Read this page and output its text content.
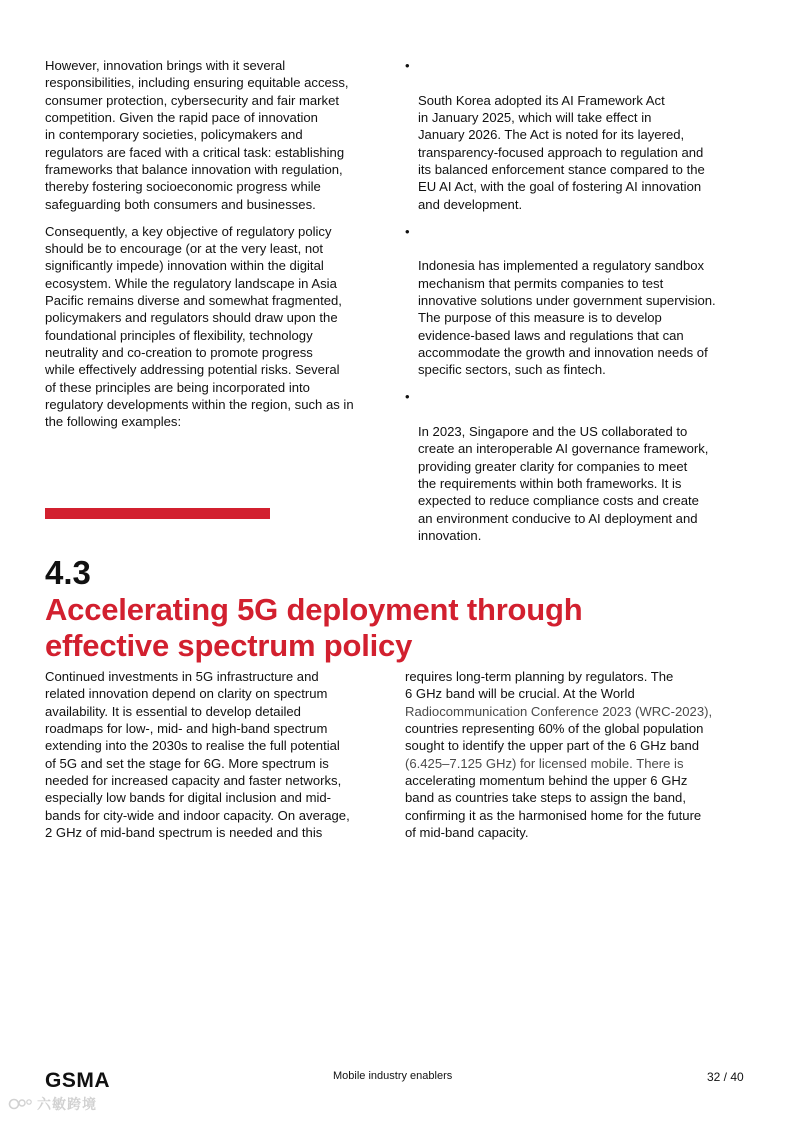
However, innovation brings with it several
responsibilities, including ensuring equitable access,
consumer protection, cybersecurity and fair market
competition. Given the rapid pace of innovation
in contemporary societies, policymakers and
regulators are faced with a critical task: establishing
frameworks that balance innovation with regulation,
thereby fostering socioeconomic progress while
safeguarding both consumers and businesses.

Consequently, a key objective of regulatory policy
should be to encourage (or at the very least, not
significantly impede) innovation within the digital
ecosystem. While the regulatory landscape in Asia
Pacific remains diverse and somewhat fragmented,
policymakers and regulators should draw upon the
foundational principles of flexibility, technology
neutrality and co-creation to promote progress
while effectively addressing potential risks. Several
of these principles are being incorporated into
regulatory developments within the region, such as in
the following examples:

•

South Korea adopted its AI Framework Act
in January 2025, which will take effect in
January 2026. The Act is noted for its layered,
transparency-focused approach to regulation and
its balanced enforcement stance compared to the
EU AI Act, with the goal of fostering AI innovation
and development.

•

Indonesia has implemented a regulatory sandbox
mechanism that permits companies to test
innovative solutions under government supervision.
The purpose of this measure is to develop
evidence-based laws and regulations that can
accommodate the growth and innovation needs of
specific sectors, such as fintech.

•

In 2023, Singapore and the US collaborated to
create an interoperable AI governance framework,
providing greater clarity for companies to meet
the requirements within both frameworks. It is
expected to reduce compliance costs and create
an environment conducive to AI deployment and
innovation.

4.3
Accelerating 5G deployment through
effective spectrum policy

Continued investments in 5G infrastructure and
related innovation depend on clarity on spectrum
availability. It is essential to develop detailed
roadmaps for low-, mid- and high-band spectrum
extending into the 2030s to realise the full potential
of 5G and set the stage for 6G. More spectrum is
needed for increased capacity and faster networks,
especially low bands for digital inclusion and mid-
bands for city-wide and indoor capacity. On average,
2 GHz of mid-band spectrum is needed and this

requires long-term planning by regulators. The
6 GHz band will be crucial. At the World
Radiocommunication Conference 2023 (WRC-2023),
countries representing 60% of the global population
sought to identify the upper part of the 6 GHz band
(6.425–7.125 GHz) for licensed mobile. There is
accelerating momentum behind the upper 6 GHz
band as countries take steps to assign the band,
confirming it as the harmonised home for the future
of mid-band capacity.

GSMA	Mobile industry enablers	32 / 40
六敏跨境
